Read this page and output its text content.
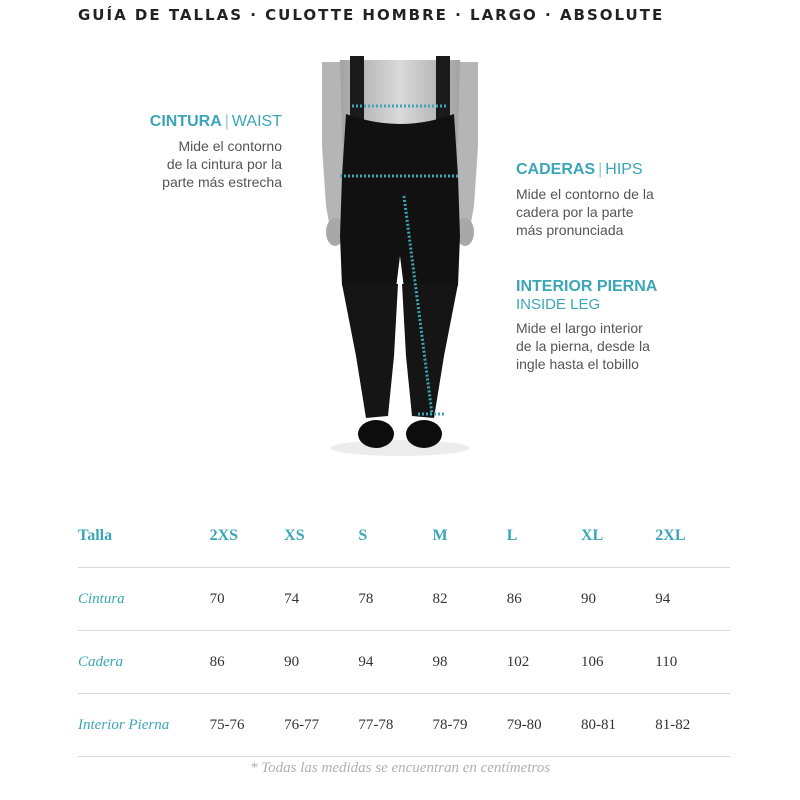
GUÍA DE TALLAS · CULOTTE HOMBRE · LARGO · ABSOLUTE
CINTURA | WAIST
Mide el contorno
de la cintura por la
parte más estrecha
CADERAS | HIPS
Mide el contorno de la
cadera por la parte
más pronunciada
INTERIOR PIERNA
INSIDE LEG
Mide el largo interior
de la pierna, desde la
ingle hasta el tobillo
Talla	2XS	XS	S	M	L	XL	2XL
Cintura	70	74	78	82	86	90	94
Cadera	86	90	94	98	102	106	110
Interior Pierna	75-76	76-77	77-78	78-79	79-80	80-81	81-82
* Todas las medidas se encuentran en centímetros
